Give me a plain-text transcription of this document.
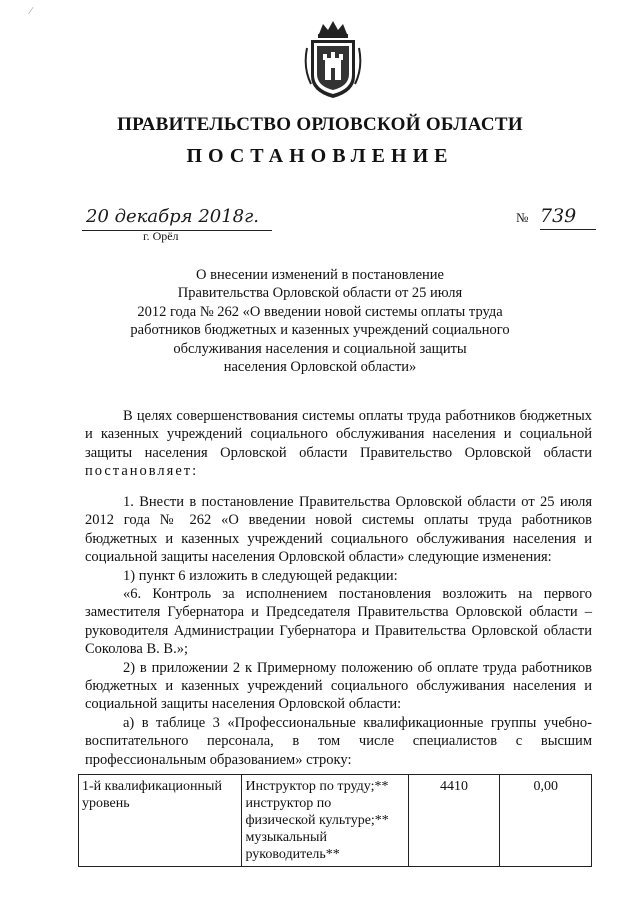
⁄
ПРАВИТЕЛЬСТВО ОРЛОВСКОЙ ОБЛАСТИ
ПОСТАНОВЛЕНИЕ
20 декабря 2018г.
г. Орёл
№ 739
О внесении изменений в постановление
Правительства Орловской области от 25 июля
2012 года № 262 «О введении новой системы оплаты труда
работников бюджетных и казенных учреждений социального
обслуживания населения и социальной защиты
населения Орловской области»
В целях совершенствования системы оплаты труда работников бюджетных и казенных учреждений социального обслуживания населения и социальной защиты населения Орловской области Правительство Орловской области постановляет:
1. Внести в постановление Правительства Орловской области от 25 июля 2012 года № 262 «О введении новой системы оплаты труда работников бюджетных и казенных учреждений социального обслуживания населения и социальной защиты населения Орловской области» следующие изменения:
1) пункт 6 изложить в следующей редакции:
«6. Контроль за исполнением постановления возложить на первого заместителя Губернатора и Председателя Правительства Орловской области – руководителя Администрации Губернатора и Правительства Орловской области Соколова В. В.»;
2) в приложении 2 к Примерному положению об оплате труда работников бюджетных и казенных учреждений социального обслуживания населения и социальной защиты населения Орловской области:
а) в таблице 3 «Профессиональные квалификационные группы учебно-воспитательного персонала, в том числе специалистов с высшим профессиональным образованием» строку:
1-й квалификационный уровень	Инструктор по труду;** инструктор по физической культуре;** музыкальный руководитель**	4410	0,00
